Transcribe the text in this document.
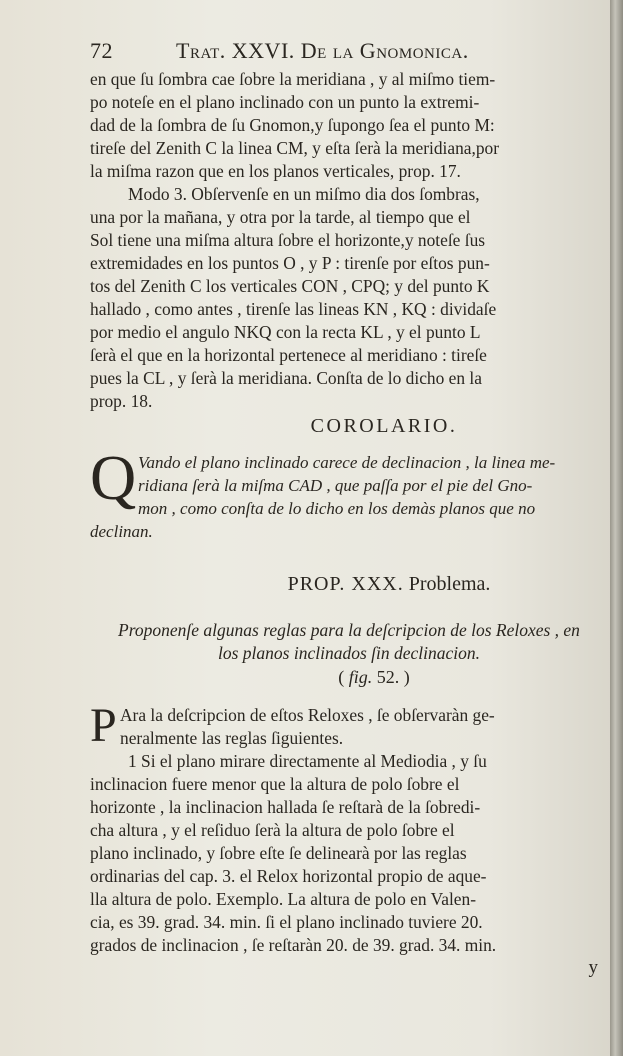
72	Trat. XXVI. De la Gnomonica.

en que ſu ſombra cae ſobre la meridiana , y al miſmo tiem-
po noteſe en el plano inclinado con un punto la extremi-
dad de la ſombra de ſu Gnomon,y ſupongo ſea el punto M:
tireſe del Zenith C la linea CM, y eſta ſerà la meridiana,por
la miſma razon que en los planos verticales, prop. 17.

Modo 3. Obſervenſe en un miſmo dia dos ſombras,
una por la mañana, y otra por la tarde, al tiempo que el
Sol tiene una miſma altura ſobre el horizonte,y noteſe ſus
extremidades en los puntos O , y P : tirenſe por eſtos pun-
tos del Zenith C los verticales CON , CPQ; y del punto K
hallado , como antes , tirenſe las lineas KN , KQ : dividaſe
por medio el angulo NKQ con la recta KL , y el punto L
ſerà el que en la horizontal pertenece al meridiano : tireſe
pues la CL , y ſerà la meridiana. Conſta de lo dicho en la
prop. 18.

COROLARIO.
Q Vando el plano inclinado carece de declinacion , la linea me-
ridiana ſerà la miſma CAD , que paſſa por el pie del Gno-
mon , como conſta de lo dicho en los demàs planos que no
declinan.
PROP. XXX. Problema.
Proponenſe algunas reglas para la deſcripcion de los Reloxes , en
los planos inclinados ſin declinacion.
( fig. 52. )
P Ara la deſcripcion de eſtos Reloxes , ſe obſervaràn ge-
neralmente las reglas ſiguientes.
1 Si el plano mirare directamente al Mediodia , y ſu
inclinacion fuere menor que la altura de polo ſobre el
horizonte , la inclinacion hallada ſe reſtarà de la ſobredi-
cha altura , y el reſiduo ſerà la altura de polo ſobre el
plano inclinado, y ſobre eſte ſe delinearà por las reglas
ordinarias del cap. 3. el Relox horizontal propio de aque-
lla altura de polo. Exemplo. La altura de polo en Valen-
cia, es 39. grad. 34. min. ſi el plano inclinado tuviere 20.
grados de inclinacion , ſe reſtaràn 20. de 39. grad. 34. min.
y
